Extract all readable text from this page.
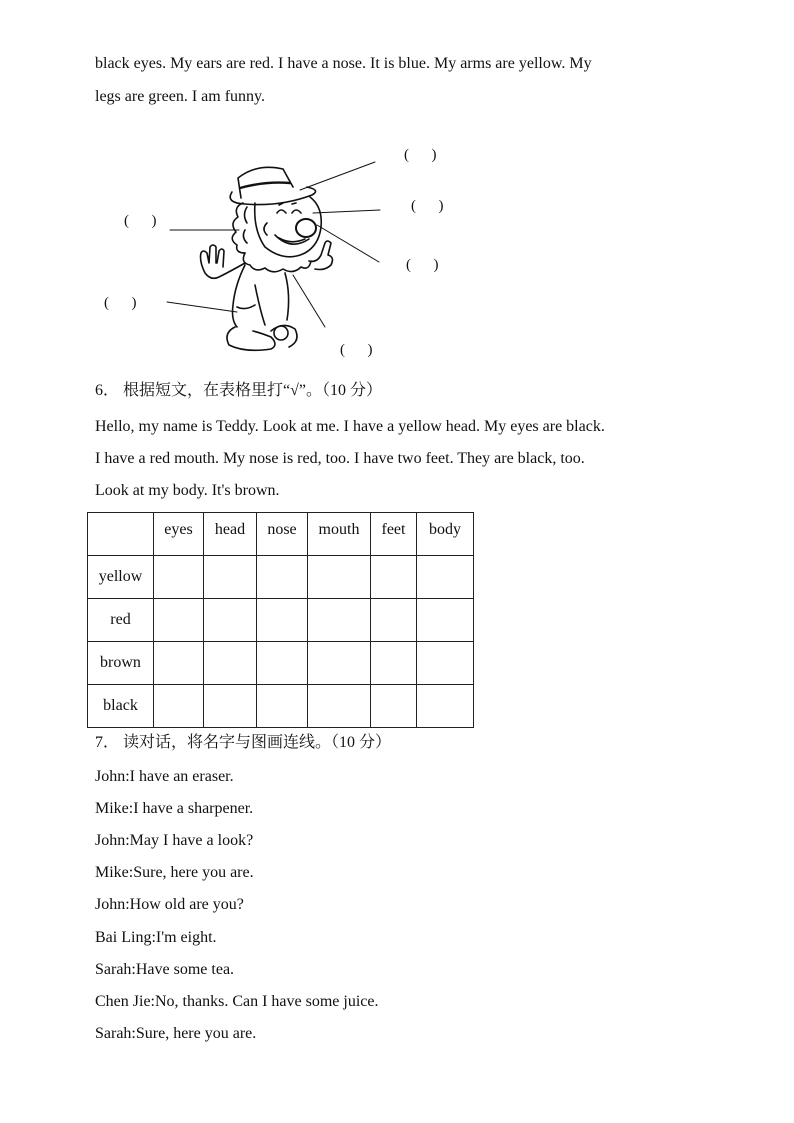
black eyes. My ears are red. I have a nose. It is blue. My arms are yellow. My
legs are green. I am funny.
(      )
(      )
(      )
(      )
(      )
(      )
6． 根据短文，在表格里打“√”。（10 分）
Hello, my name is Teddy. Look at me. I have a yellow head. My eyes are black.
I have a red mouth. My nose is red, too. I have two feet. They are black, too.
Look at my body. It's brown.
	eyes	head	nose	mouth	feet	body
yellow						
red						
brown						
black						
7． 读对话，将名字与图画连线。（10 分）
John:I have an eraser.
Mike:I have a sharpener.
John:May I have a look?
Mike:Sure, here you are.
John:How old are you?
Bai Ling:I'm eight.
Sarah:Have some tea.
Chen Jie:No, thanks. Can I have some juice.
Sarah:Sure, here you are.
